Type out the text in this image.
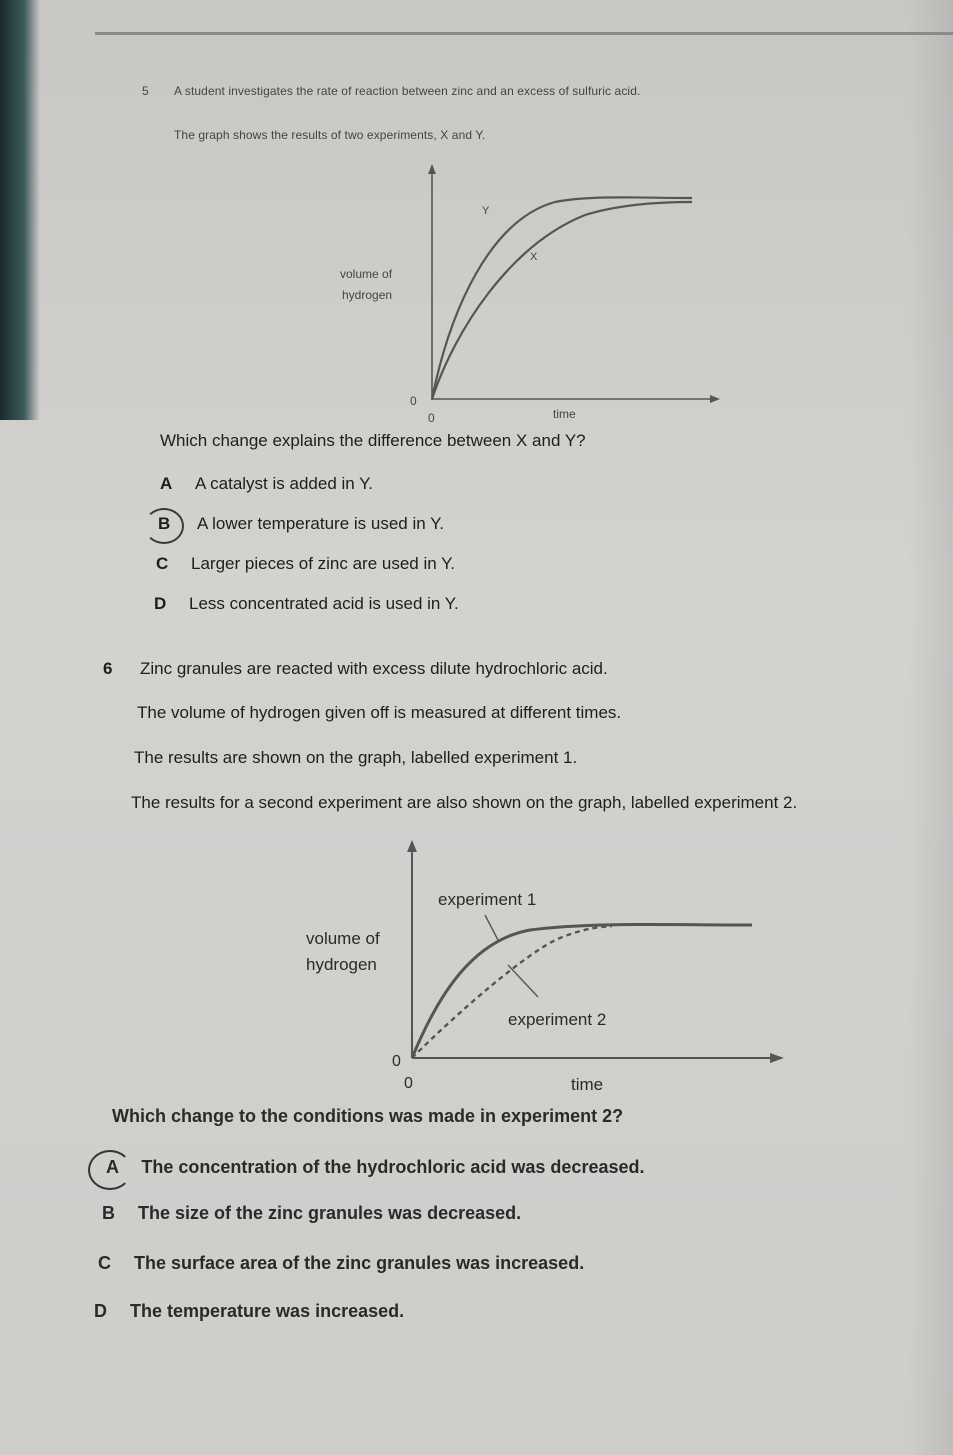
5 A student investigates the rate of reaction between zinc and an excess of sulfuric acid.
The graph shows the results of two experiments, X and Y.
Y
X
volume of
hydrogen
0
0	time
Which change explains the difference between X and Y?
A A catalyst is added in Y.
B A lower temperature is used in Y.
C Larger pieces of zinc are used in Y.
D Less concentrated acid is used in Y.
6 Zinc granules are reacted with excess dilute hydrochloric acid.
The volume of hydrogen given off is measured at different times.
The results are shown on the graph, labelled experiment 1.
The results for a second experiment are also shown on the graph, labelled experiment 2.
experiment 1
experiment 2
volume of
hydrogen
0
0	time
Which change to the conditions was made in experiment 2?
A The concentration of the hydrochloric acid was decreased.
B The size of the zinc granules was decreased.
C The surface area of the zinc granules was increased.
D The temperature was increased.
